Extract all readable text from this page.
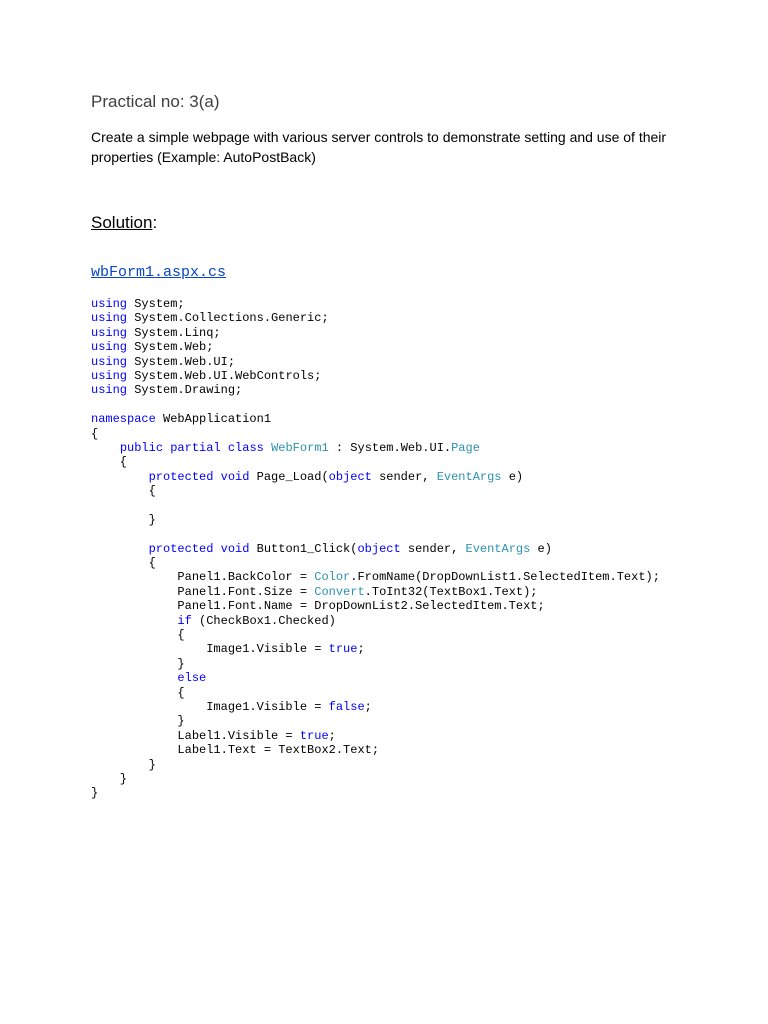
Practical no: 3(a)

Create a simple webpage with various server controls to demonstrate setting and use of their properties (Example: AutoPostBack)

Solution:
wbForm1.aspx.cs
using System;
using System.Collections.Generic;
using System.Linq;
using System.Web;
using System.Web.UI;
using System.Web.UI.WebControls;
using System.Drawing;
namespace WebApplication1
{
public partial class WebForm1 : System.Web.UI.Page
{
protected void Page_Load(object sender, EventArgs e)
{
}
protected void Button1_Click(object sender, EventArgs e)
{
Panel1.BackColor = Color.FromName(DropDownList1.SelectedItem.Text);
Panel1.Font.Size = Convert.ToInt32(TextBox1.Text);
Panel1.Font.Name = DropDownList2.SelectedItem.Text;
if (CheckBox1.Checked)
{
Image1.Visible = true;
}
else
{
Image1.Visible = false;
}
Label1.Visible = true;
Label1.Text = TextBox2.Text;
}
}
}
